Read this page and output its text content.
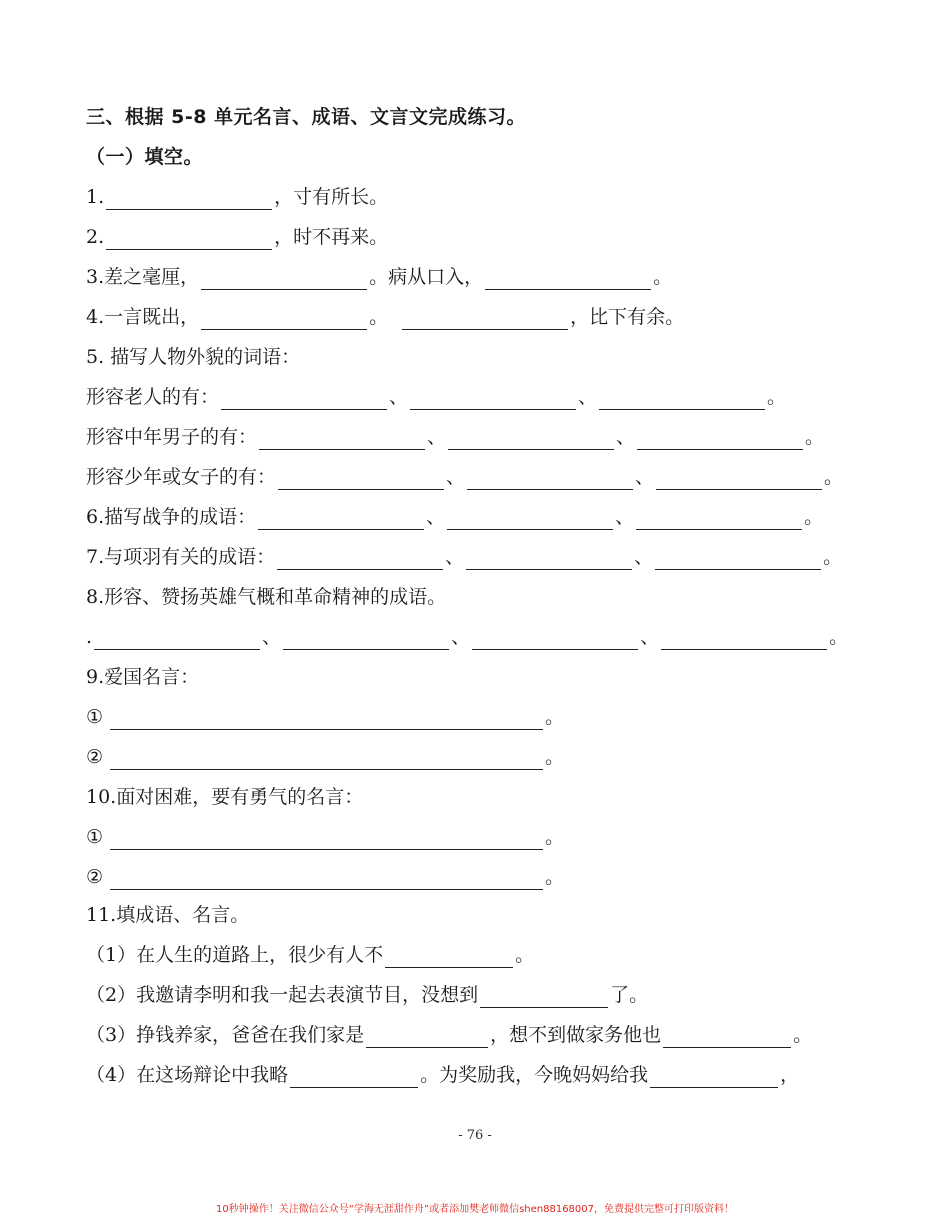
三、根据 5-8 单元名言、成语、文言文完成练习。
（一）填空。
1.	，寸有所长。
2.	，时不再来。
3.差之毫厘，	。病从口入，	。
4.一言既出，	。	，比下有余。
5. 描写人物外貌的词语：
形容老人的有：	、	、	。
形容中年男子的有：	、	、	。
形容少年或女子的有：	、	、	。
6.描写战争的成语：	、	、	。
7.与项羽有关的成语：	、	、	。
8.形容、赞扬英雄气概和革命精神的成语。
.	、	、	、	。
9.爱国名言：
①	。
②	。
10.面对困难，要有勇气的名言：
①	。
②	。
11.填成语、名言。
（1）在人生的道路上，很少有人不	。
（2）我邀请李明和我一起去表演节目，没想到	了。
（3）挣钱养家，爸爸在我们家是	，想不到做家务他也	。
（4）在这场辩论中我略	。为奖励我，今晚妈妈给我	，
- 76 -
10秒钟操作！关注微信公众号“学海无涯甜作舟”或者添加樊老师微信shen88168007，免费提供完整可打印版资料！
